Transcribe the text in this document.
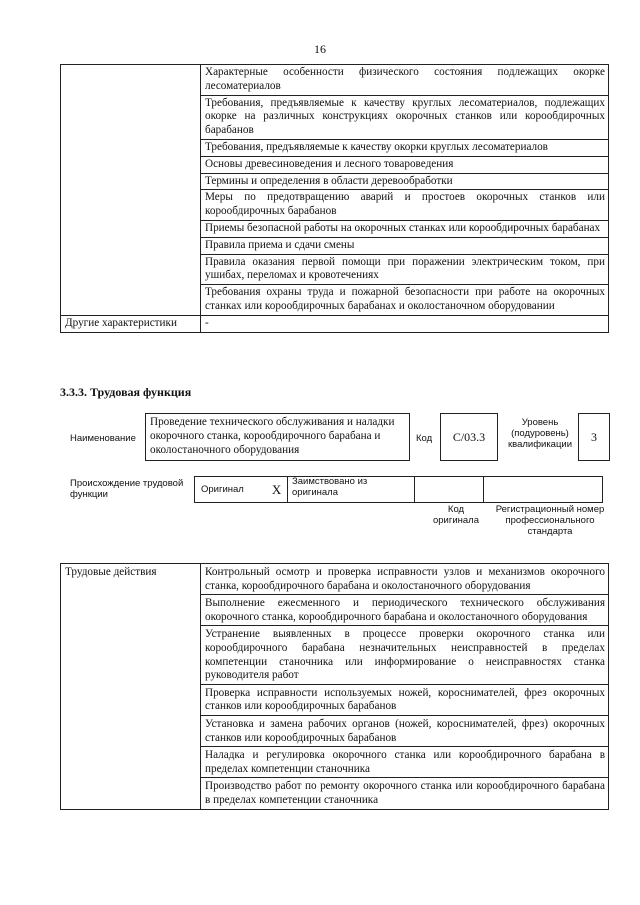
16
	Характерные особенности физического состояния подлежащих окорке лесоматериалов
	Требования, предъявляемые к качеству круглых лесоматериалов, подлежащих окорке на различных конструкциях окорочных станков или корообдирочных барабанов
	Требования, предъявляемые к качеству окорки круглых лесоматериалов
	Основы древесиноведения и лесного товароведения
	Термины и определения в области деревообработки
	Меры по предотвращению аварий и простоев окорочных станков или корообдирочных барабанов
	Приемы безопасной работы на окорочных станках или корообдирочных барабанах
	Правила приема и сдачи смены
	Правила оказания первой помощи при поражении электрическим током, при ушибах, переломах и кровотечениях
	Требования охраны труда и пожарной безопасности при работе на окорочных станках или корообдирочных барабанах и околостаночном оборудовании
Другие характеристики	-
3.3.3. Трудовая функция
Наименование
Проведение технического обслуживания и наладки окорочного станка, корообдирочного барабана и околостаночного оборудования
Код	С/03.3
Уровень (подуровень) квалификации
3
Происхождение трудовой функции	Оригинал X	Заимствовано из оригинала
Код оригинала
Регистрационный номер профессионального стандарта
Трудовые действия	Контрольный осмотр и проверка исправности узлов и механизмов окорочного станка, корообдирочного барабана и околостаночного оборудования
Выполнение ежесменного и периодического технического обслуживания окорочного станка, корообдирочного барабана и околостаночного оборудования
Устранение выявленных в процессе проверки окорочного станка или корообдирочного барабана незначительных неисправностей в пределах компетенции станочника или информирование о неисправностях станка руководителя работ
Проверка исправности используемых ножей, короснимателей, фрез окорочных станков или корообдирочных барабанов
Установка и замена рабочих органов (ножей, короснимателей, фрез) окорочных станков или корообдирочных барабанов
Наладка и регулировка окорочного станка или корообдирочного барабана в пределах компетенции станочника
Производство работ по ремонту окорочного станка или корообдирочного барабана в пределах компетенции станочника
